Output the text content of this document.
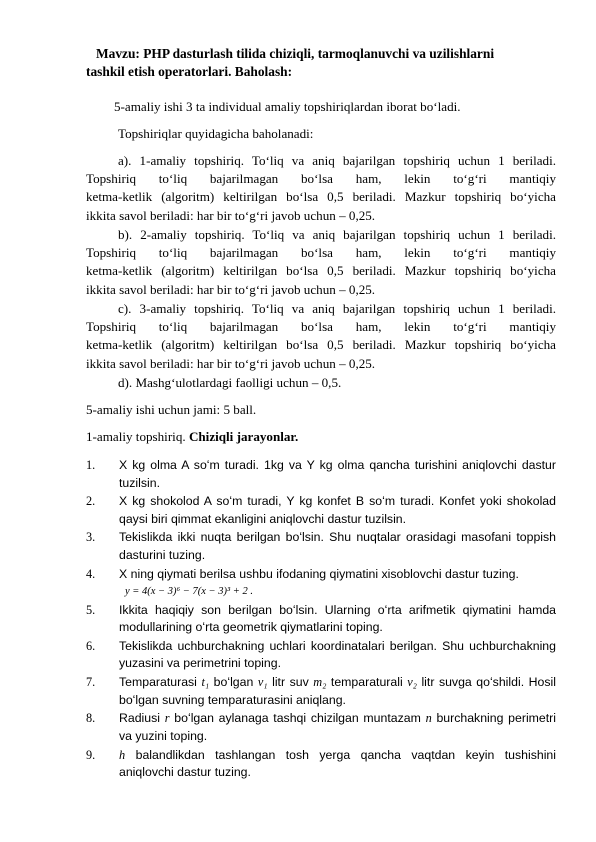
Mavzu: PHP dasturlash tilida chiziqli, tarmoqlanuvchi va uzilishlarni
tashkil etish operatorlari. Baholash:
5-amaliy ishi 3 ta individual amaliy topshiriqlardan iborat boʻladi.
Topshiriqlar quyidagicha baholanadi:
a). 1-amaliy topshiriq. Toʻliq va aniq bajarilgan topshiriq uchun 1 beriladi.
Topshiriq toʻliq bajarilmagan boʻlsa ham, lekin toʻgʻri mantiqiy
ketma-ketlik (algoritm) keltirilgan boʻlsa 0,5 beriladi. Mazkur topshiriq boʻyicha
ikkita savol beriladi: har bir toʻgʻri javob uchun – 0,25.
b). 2-amaliy topshiriq. Toʻliq va aniq bajarilgan topshiriq uchun 1 beriladi.
Topshiriq toʻliq bajarilmagan boʻlsa ham, lekin toʻgʻri mantiqiy
ketma-ketlik (algoritm) keltirilgan boʻlsa 0,5 beriladi. Mazkur topshiriq boʻyicha
ikkita savol beriladi: har bir toʻgʻri javob uchun – 0,25.
c). 3-amaliy topshiriq. Toʻliq va aniq bajarilgan topshiriq uchun 1 beriladi.
Topshiriq toʻliq bajarilmagan boʻlsa ham, lekin toʻgʻri mantiqiy
ketma-ketlik (algoritm) keltirilgan boʻlsa 0,5 beriladi. Mazkur topshiriq boʻyicha
ikkita savol beriladi: har bir toʻgʻri javob uchun – 0,25.
d). Mashgʻulotlardagi faolligi uchun – 0,5.
5-amaliy ishi uchun jami: 5 ball.
1-amaliy topshiriq. Chiziqli jarayonlar.
1. X kg olma A soʻm turadi. 1kg va Y kg olma qancha turishini aniqlovchi dastur tuzilsin.
2. X kg shokolod A soʻm turadi, Y kg konfet B soʻm turadi. Konfet yoki shokolad qaysi biri qimmat ekanligini aniqlovchi dastur tuzilsin.
3. Tekislikda ikki nuqta berilgan boʻlsin. Shu nuqtalar orasidagi masofani toppish dasturini tuzing.
4. X ning qiymati berilsa ushbu ifodaning qiymatini xisoblovchi dastur tuzing.
y = 4(x − 3)⁶ − 7(x − 3)³ + 2 .
5. Ikkita haqiqiy son berilgan boʻlsin. Ularning oʻrta arifmetik qiymatini hamda modullarining oʻrta geometrik qiymatlarini toping.
6. Tekislikda uchburchakning uchlari koordinatalari berilgan. Shu uchburchakning yuzasini va perimetrini toping.
7. Temparaturasi t₁ boʻlgan v₁ litr suv m₂ temparaturali v₂ litr suvga qoʻshildi. Hosil boʻlgan suvning temparaturasini aniqlang.
8. Radiusi r boʻlgan aylanaga tashqi chizilgan muntazam n burchakning perimetri va yuzini toping.
9. h balandlikdan tashlangan tosh yerga qancha vaqtdan keyin tushishini aniqlovchi dastur tuzing.
